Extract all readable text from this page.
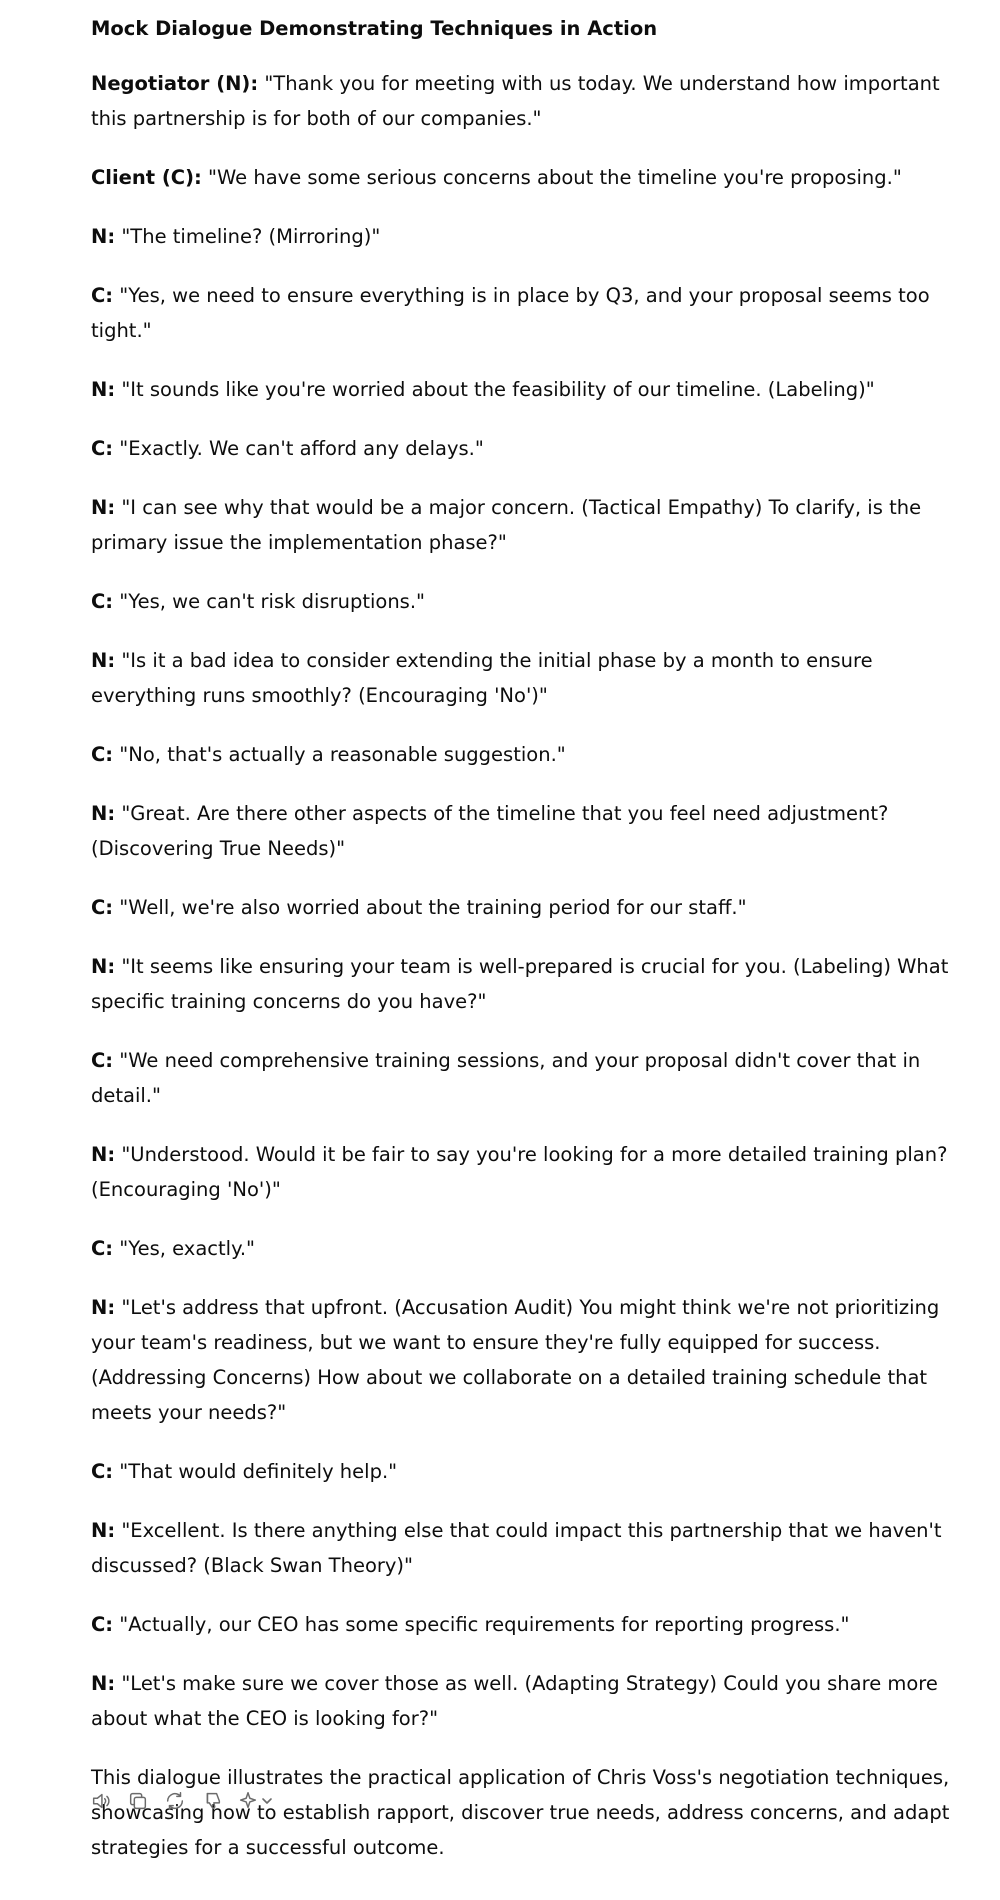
Mock Dialogue Demonstrating Techniques in Action

Negotiator (N): "Thank you for meeting with us today. We understand how important this partnership is for both of our companies."

Client (C): "We have some serious concerns about the timeline you're proposing."

N: "The timeline? (Mirroring)"

C: "Yes, we need to ensure everything is in place by Q3, and your proposal seems too tight."

N: "It sounds like you're worried about the feasibility of our timeline. (Labeling)"

C: "Exactly. We can't afford any delays."

N: "I can see why that would be a major concern. (Tactical Empathy) To clarify, is the primary issue the implementation phase?"

C: "Yes, we can't risk disruptions."

N: "Is it a bad idea to consider extending the initial phase by a month to ensure everything runs smoothly? (Encouraging 'No')"

C: "No, that's actually a reasonable suggestion."

N: "Great. Are there other aspects of the timeline that you feel need adjustment? (Discovering True Needs)"

C: "Well, we're also worried about the training period for our staff."

N: "It seems like ensuring your team is well-prepared is crucial for you. (Labeling) What specific training concerns do you have?"

C: "We need comprehensive training sessions, and your proposal didn't cover that in detail."

N: "Understood. Would it be fair to say you're looking for a more detailed training plan? (Encouraging 'No')"

C: "Yes, exactly."

N: "Let's address that upfront. (Accusation Audit) You might think we're not prioritizing your team's readiness, but we want to ensure they're fully equipped for success. (Addressing Concerns) How about we collaborate on a detailed training schedule that meets your needs?"

C: "That would definitely help."

N: "Excellent. Is there anything else that could impact this partnership that we haven't discussed? (Black Swan Theory)"

C: "Actually, our CEO has some specific requirements for reporting progress."

N: "Let's make sure we cover those as well. (Adapting Strategy) Could you share more about what the CEO is looking for?"

This dialogue illustrates the practical application of Chris Voss's negotiation techniques, showcasing how to establish rapport, discover true needs, address concerns, and adapt strategies for a successful outcome.
